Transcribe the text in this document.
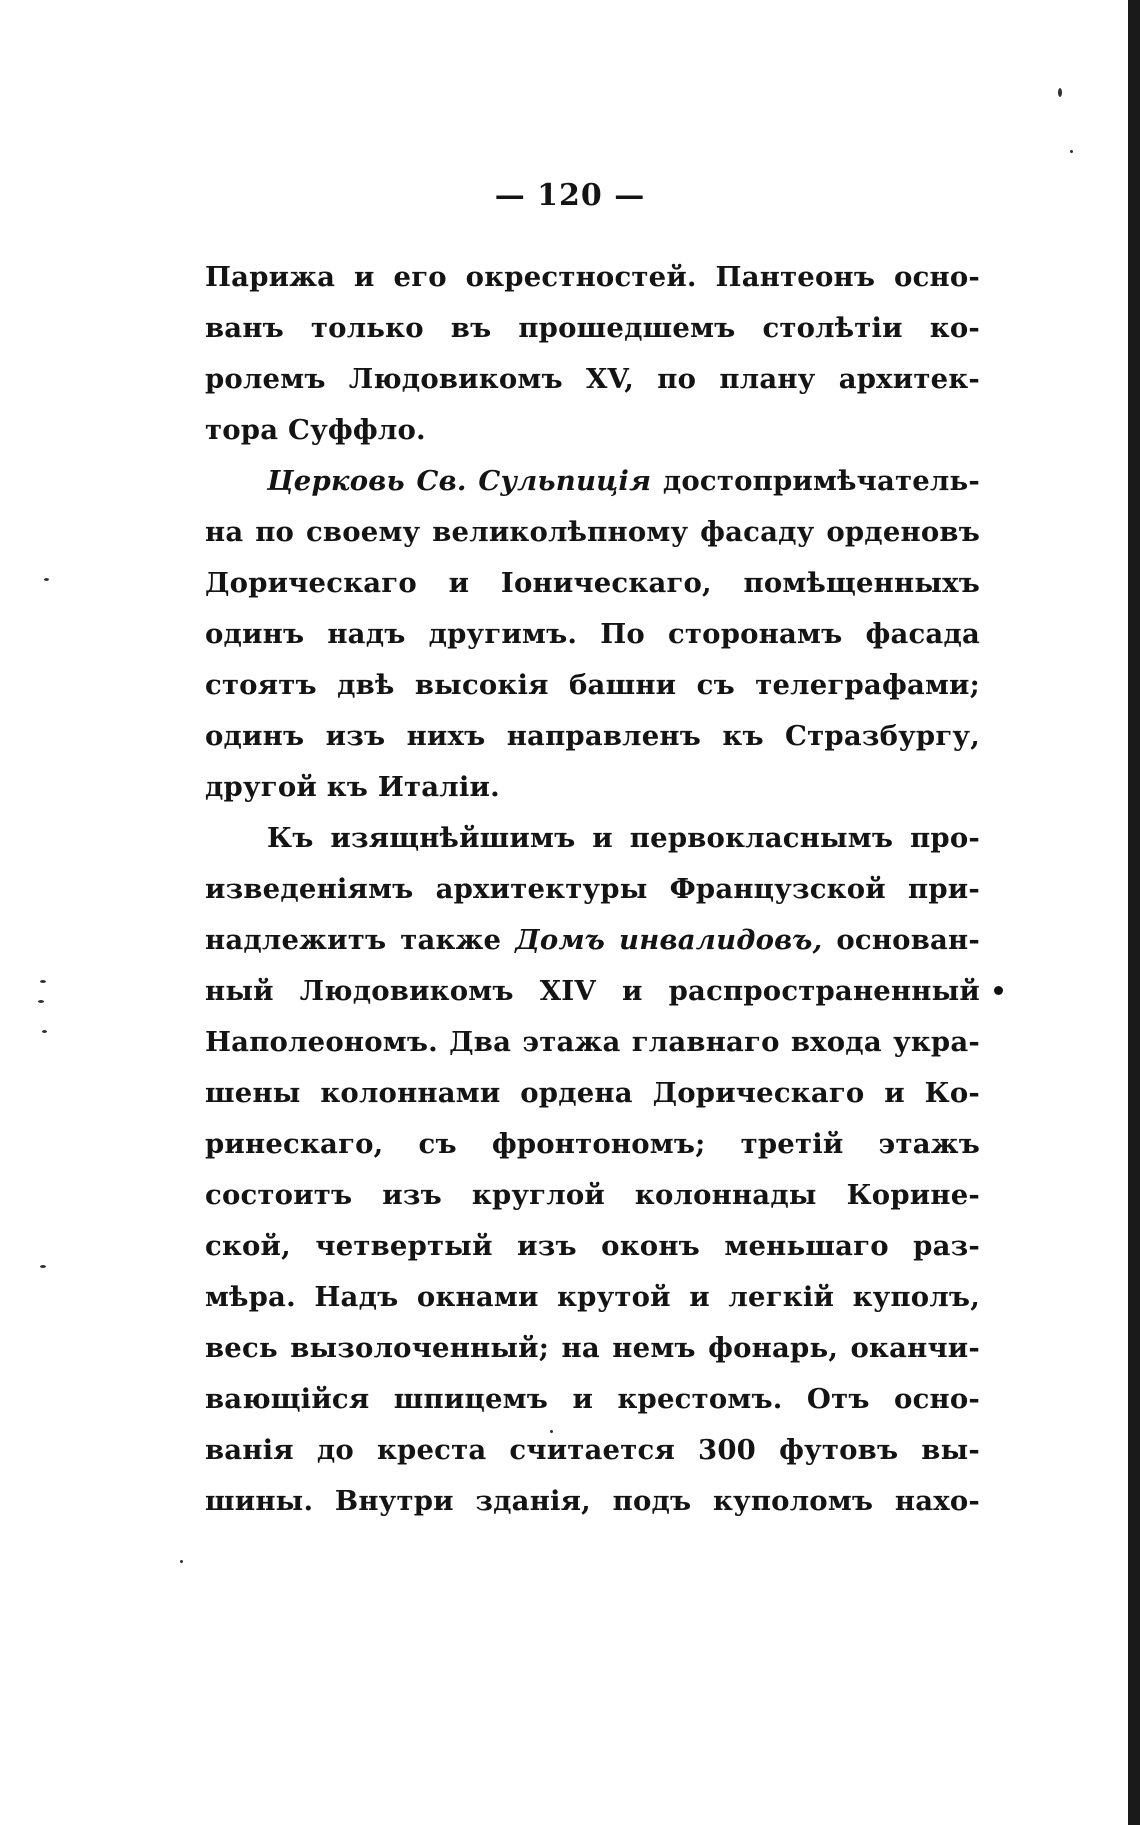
— 120 —
Парижа и его окрестностей. Пантеонъ осно-
ванъ только въ прошедшемъ столѣтіи ко-
ролемъ Людовикомъ XV, по плану архитек-
тора Суффло.
Церковь Св. Сульпиція достопримѣчатель-
на по своему великолѣпному фасаду орденовъ
Дорическаго и Іоническаго, помѣщенныхъ
одинъ надъ другимъ. По сторонамъ фасада
стоятъ двѣ высокія башни съ телеграфами;
одинъ изъ нихъ направленъ къ Стразбургу,
другой къ Италіи.
Къ изящнѣйшимъ и первокласнымъ про-
изведеніямъ архитектуры Французской при-
надлежитъ также Домъ инвалидовъ, основан-
ный Людовикомъ XIV и распространенный
Наполеономъ. Два этажа главнаго входа укра-
шены колоннами ордена Дорическаго и Ко-
ринескаго, съ фронтономъ; третій этажъ
состоитъ изъ круглой колоннады Корине-
ской, четвертый изъ оконъ меньшаго раз-
мѣра. Надъ окнами крутой и легкій куполъ,
весь вызолоченный; на немъ фонарь, оканчи-
вающійся шпицемъ и крестомъ. Отъ осно-
ванія до креста считается 300 футовъ вы-
шины. Внутри зданія, подъ куполомъ нахо-
